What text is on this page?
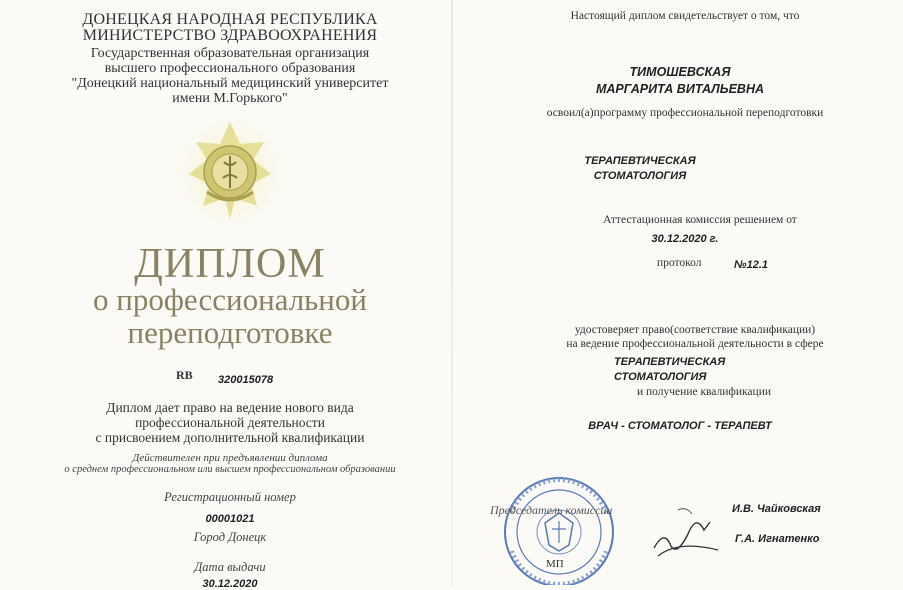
ДОНЕЦКАЯ НАРОДНАЯ РЕСПУБЛИКА
МИНИСТЕРСТВО ЗДРАВООХРАНЕНИЯ
Государственная образовательная организация
высшего профессионального образования
"Донецкий национальный медицинский университет
имени М.Горького"
ДИПЛОМ
о профессиональной
переподготовке
RB 320015078
Диплом дает право на ведение нового вида
профессиональной деятельности
с присвоением дополнительной квалификации
Действителен при предъявлении диплома
о среднем профессиональном или высшем профессиональном образовании
Регистрационный номер
00001021
Город Донецк
Дата выдачи
30.12.2020
Настоящий диплом свидетельствует о том, что
ТИМОШЕВСКАЯ
МАРГАРИТА ВИТАЛЬЕВНА
освоил(а)программу профессиональной переподготовки
ТЕРАПЕВТИЧЕСКАЯ
СТОМАТОЛОГИЯ
Аттестационная комиссия решением от
30.12.2020 г.
протокол	№12.1
удостоверяет право(соответствие квалификации)
на ведение профессиональной деятельности в сфере
ТЕРАПЕВТИЧЕСКАЯ
СТОМАТОЛОГИЯ
и получение квалификации
ВРАЧ - СТОМАТОЛОГ - ТЕРАПЕВТ
МП
Председатель комиссии	И.В. Чайковская
Г.А. Игнатенко
